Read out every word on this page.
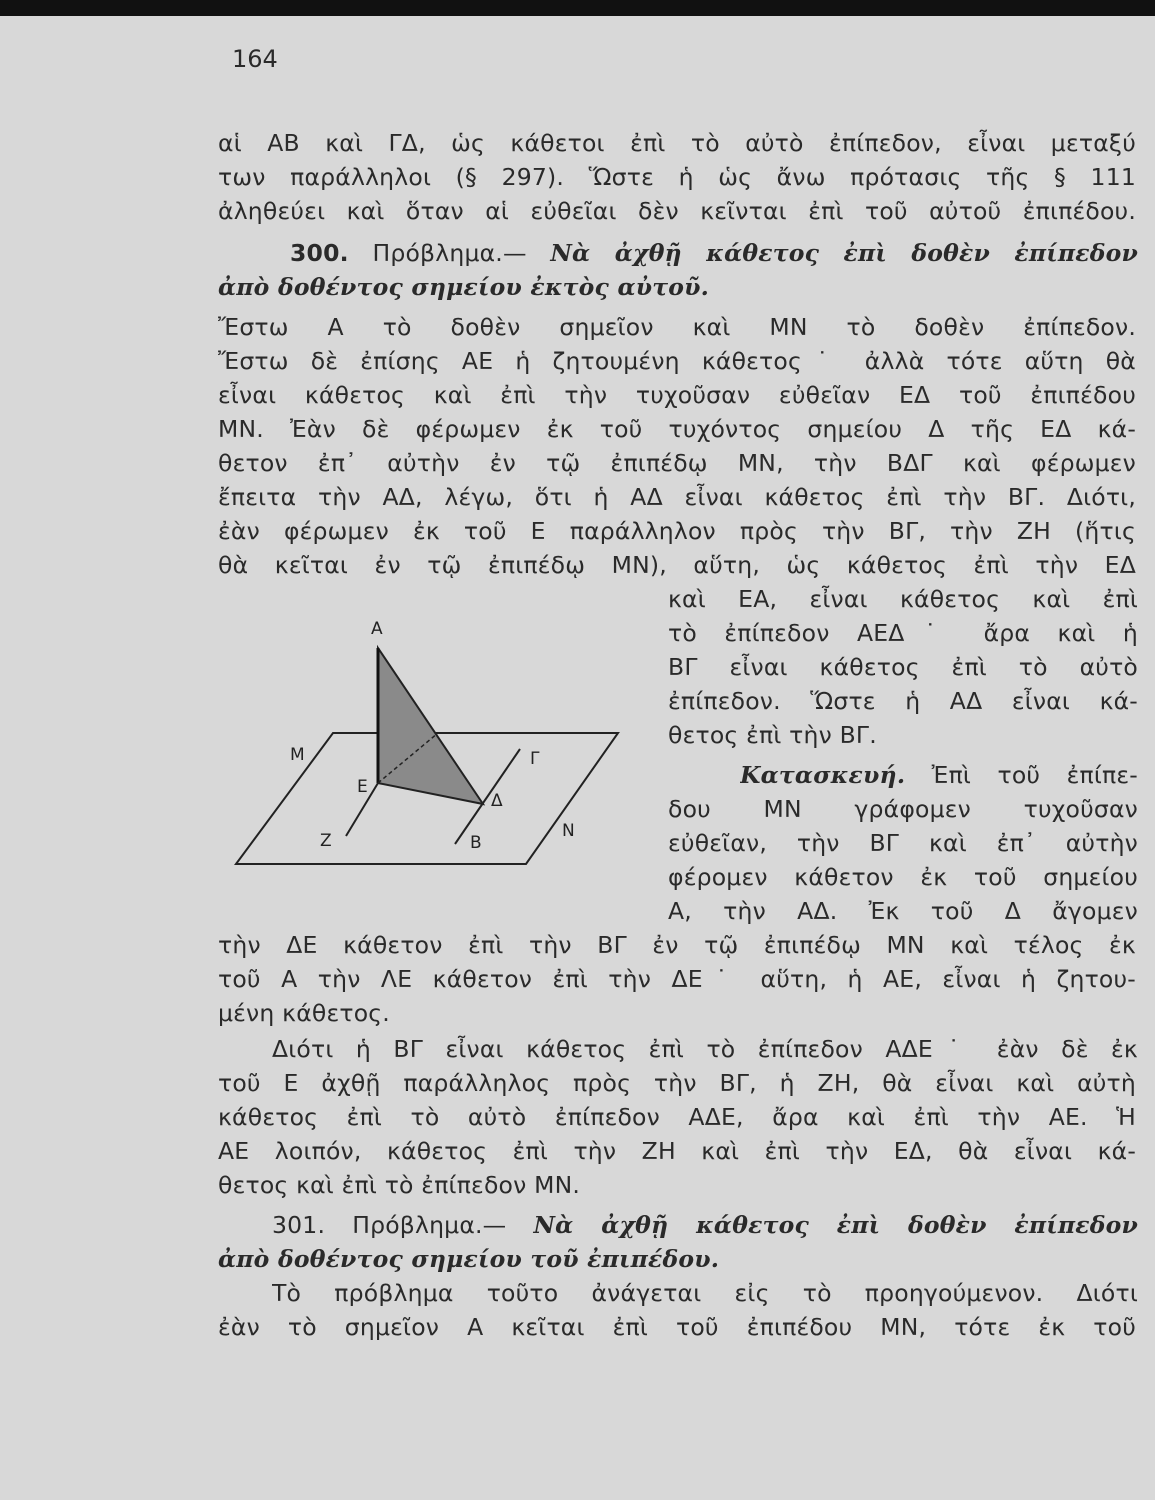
164
αἱ ΑΒ καὶ ΓΔ, ὡς κάθετοι ἐπὶ τὸ αὐτὸ ἐπίπεδον, εἶναι μεταξύ
των παράλληλοι (§ 297). Ὥστε ἡ ὡς ἄνω πρότασις τῆς § 111
ἀληθεύει καὶ ὅταν αἱ εὐθεῖαι δὲν κεῖνται ἐπὶ τοῦ αὐτοῦ ἐπιπέδου.
300. Πρόβλημα.— Νὰ ἀχθῇ κάθετος ἐπὶ δοθὲν ἐπίπεδον
ἀπὸ δοθέντος σημείου ἐκτὸς αὐτοῦ.
Ἔστω Α τὸ δοθὲν σημεῖον καὶ ΜΝ τὸ δοθὲν ἐπίπεδον.
Ἔστω δὲ ἐπίσης ΑΕ ἡ ζητουμένη κάθετος˙ ἀλλὰ τότε αὕτη θὰ
εἶναι κάθετος καὶ ἐπὶ τὴν τυχοῦσαν εὐθεῖαν ΕΔ τοῦ ἐπιπέδου
ΜΝ. Ἐὰν δὲ φέρωμεν ἐκ τοῦ τυχόντος σημείου Δ τῆς ΕΔ κά-
θετον ἐπ᾽ αὐτὴν ἐν τῷ ἐπιπέδῳ ΜΝ, τὴν ΒΔΓ καὶ φέρωμεν
ἔπειτα τὴν ΑΔ, λέγω, ὅτι ἡ ΑΔ εἶναι κάθετος ἐπὶ τὴν ΒΓ. Διότι,
ἐὰν φέρωμεν ἐκ τοῦ Ε παράλληλον πρὸς τὴν ΒΓ, τὴν ΖΗ (ἥτις
θὰ κεῖται ἐν τῷ ἐπιπέδῳ ΜΝ), αὕτη, ὡς κάθετος ἐπὶ τὴν ΕΔ
καὶ ΕΑ, εἶναι κάθετος καὶ ἐπὶ
τὸ ἐπίπεδον ΑΕΔ˙ ἄρα καὶ ἡ
ΒΓ εἶναι κάθετος ἐπὶ τὸ αὐτὸ
ἐπίπεδον. Ὥστε ἡ ΑΔ εἶναι κά-
θετος ἐπὶ τὴν ΒΓ.
Κατασκευή. Ἐπὶ τοῦ ἐπίπε-
δου ΜΝ γράφομεν τυχοῦσαν
εὐθεῖαν, τὴν ΒΓ καὶ ἐπ᾽ αὐτὴν
φέρομεν κάθετον ἐκ τοῦ σημείου
Α, τὴν ΑΔ. Ἐκ τοῦ Δ ἄγομεν
τὴν ΔΕ κάθετον ἐπὶ τὴν ΒΓ ἐν τῷ ἐπιπέδῳ ΜΝ καὶ τέλος ἐκ
τοῦ Α τὴν ΛΕ κάθετον ἐπὶ τὴν ΔΕ˙ αὕτη, ἡ ΑΕ, εἶναι ἡ ζητου-
μένη κάθετος.
Διότι ἡ ΒΓ εἶναι κάθετος ἐπὶ τὸ ἐπίπεδον ΑΔΕ˙ ἐὰν δὲ ἐκ
τοῦ Ε ἀχθῇ παράλληλος πρὸς τὴν ΒΓ, ἡ ΖΗ, θὰ εἶναι καὶ αὐτὴ
κάθετος ἐπὶ τὸ αὐτὸ ἐπίπεδον ΑΔΕ, ἄρα καὶ ἐπὶ τὴν ΑΕ. Ἡ
ΑΕ λοιπόν, κάθετος ἐπὶ τὴν ΖΗ καὶ ἐπὶ τὴν ΕΔ, θὰ εἶναι κά-
θετος καὶ ἐπὶ τὸ ἐπίπεδον ΜΝ.
301. Πρόβλημα.— Νὰ ἀχθῇ κάθετος ἐπὶ δοθὲν ἐπίπεδον
ἀπὸ δοθέντος σημείου τοῦ ἐπιπέδου.
Τὸ πρόβλημα τοῦτο ἀνάγεται εἰς τὸ προηγούμενον. Διότι
ἐὰν τὸ σημεῖον Α κεῖται ἐπὶ τοῦ ἐπιπέδου ΜΝ, τότε ἐκ τοῦ
Α
Μ
Ε
Γ
Δ
Ζ	Β
Ν
